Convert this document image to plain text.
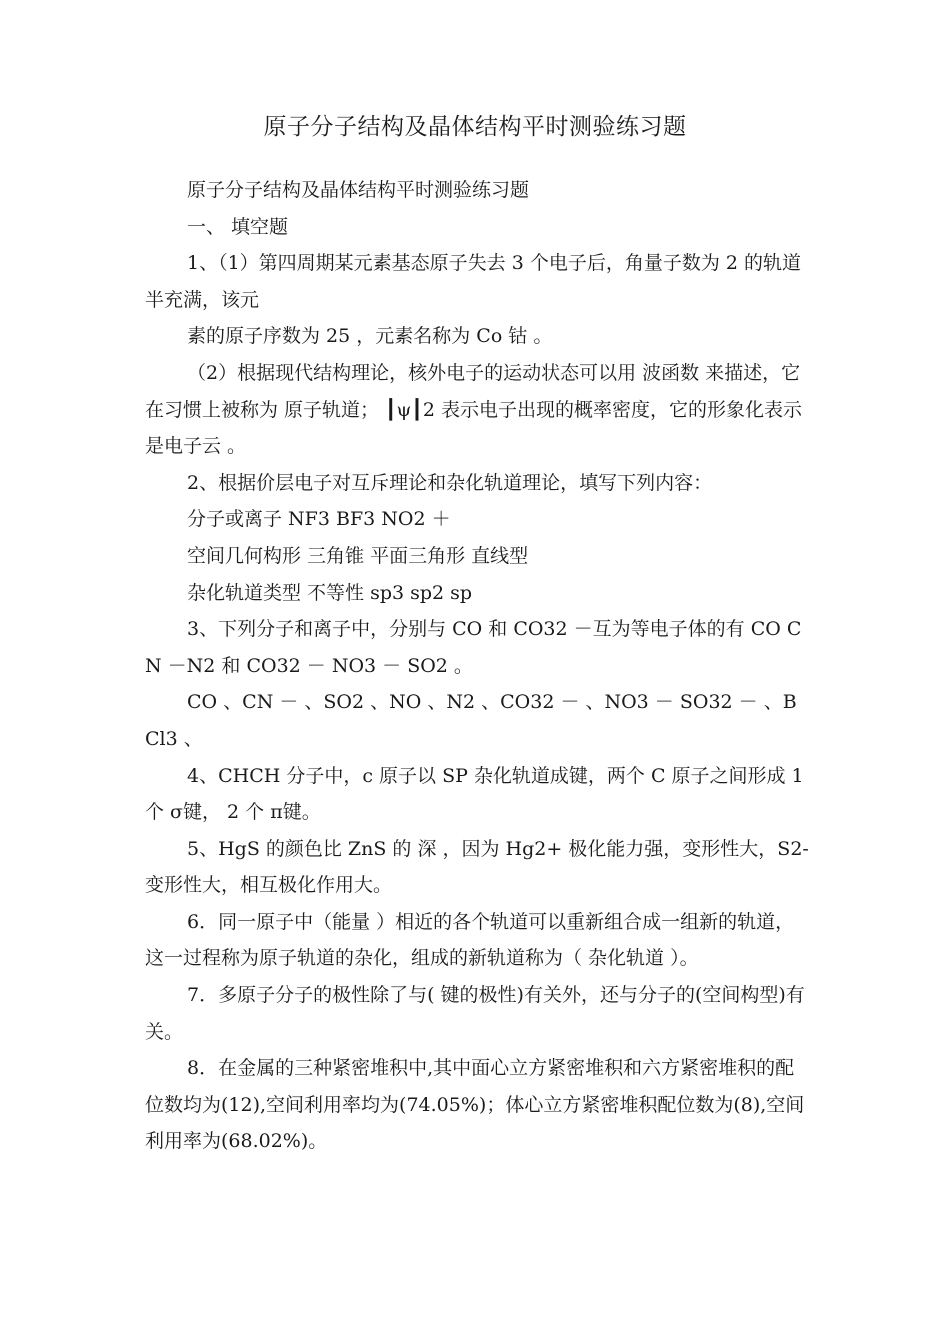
原子分子结构及晶体结构平时测验练习题

原子分子结构及晶体结构平时测验练习题

一、 填空题

1、（1）第四周期某元素基态原子失去 3 个电子后，角量子数为 2 的轨道半充满，该元

素的原子序数为 25 ，元素名称为 Co 钴 。

（2）根据现代结构理论，核外电子的运动状态可以用 波函数 来描述，它在习惯上被称为 原子轨道； ┃ψ┃2 表示电子出现的概率密度，它的形象化表示是电子云 。

2、根据价层电子对互斥理论和杂化轨道理论，填写下列内容：

分子或离子 NF3 BF3 NO2 ＋

空间几何构形 三角锥 平面三角形 直线型

杂化轨道类型 不等性 sp3 sp2 sp

3、下列分子和离子中，分别与 CO 和 CO32 －互为等电子体的有 CO CN －N2 和 CO32 － NO3 － SO2 。

CO 、CN － 、SO2 、NO 、N2 、CO32 － 、NO3 － SO32 － 、BCl3 、

4、CHCH 分子中，c 原子以 SP 杂化轨道成键，两个 C 原子之间形成 1 个 σ键， 2 个 π键。

5、HgS 的颜色比 ZnS 的 深 ，因为 Hg2+ 极化能力强，变形性大，S2-变形性大，相互极化作用大。

6．同一原子中（能量 ）相近的各个轨道可以重新组合成一组新的轨道，这一过程称为原子轨道的杂化，组成的新轨道称为（ 杂化轨道 ）。

7．多原子分子的极性除了与( 键的极性)有关外，还与分子的(空间构型)有关。

8．在金属的三种紧密堆积中,其中面心立方紧密堆积和六方紧密堆积的配位数均为(12),空间利用率均为(74.05%)；体心立方紧密堆积配位数为(8),空间利用率为(68.02%)。
